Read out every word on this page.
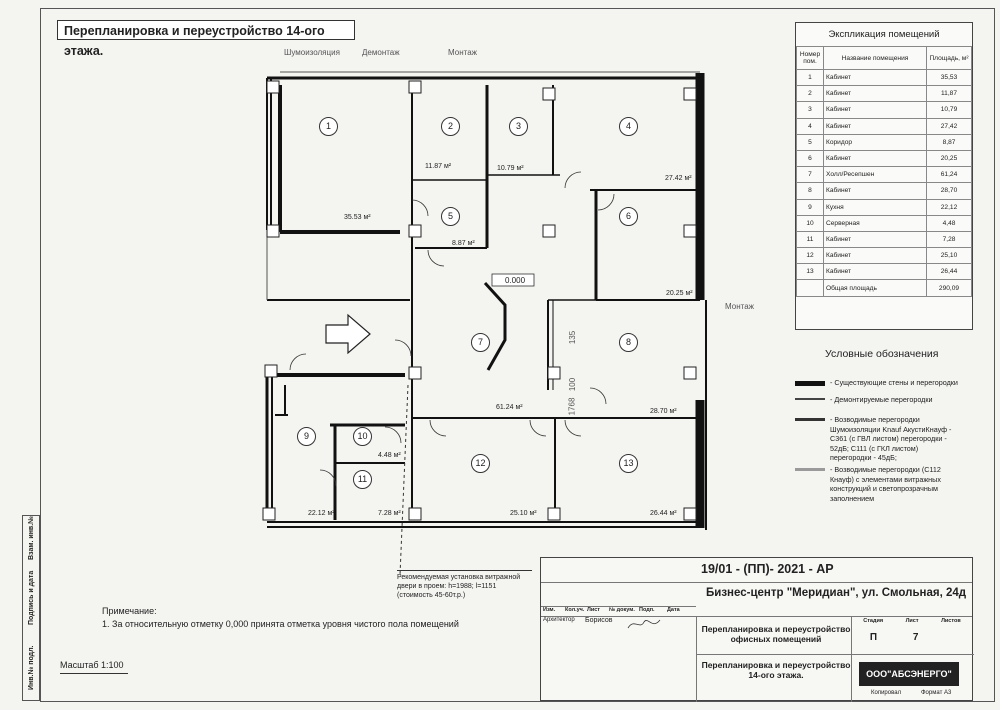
Перепланировка и переустройство 14-ого этажа.	Шумоизоляция	Демонтаж	Монтаж
Монтаж
0.000
1
35.53 м²
2
11.87 м²
3
10.79 м²
4
27.42 м²
5
8.87 м²
6
20.25 м²
7
61.24 м²
8
28.70 м²
9
22.12 м²
10
4.48 м²
11
7.28 м²
12
25.10 м²
13
26.44 м²
135
100
1768
Рекомендуемая установка витражной двери в проем: h=1988; l=1151 (стоимость 45-60т.р.)
Примечание:
1. За относительную отметку 0,000 принята отметка уровня чистого пола помещений
Масштаб 1:100
Взам. инв.№
Подпись и дата
Инв.№ подл.
Экспликация помещений
Номер пом.	Название помещения	Площадь, м²
1	Кабинет	35,53
2	Кабинет	11,87
3	Кабинет	10,79
4	Кабинет	27,42
5	Коридор	8,87
6	Кабинет	20,25
7	Холл/Ресепшен	61,24
8	Кабинет	28,70
9	Кухня	22,12
10	Серверная	4,48
11	Кабинет	7,28
12	Кабинет	25,10
13	Кабинет	26,44
	Общая площадь	290,09
Условные обозначения
- Существующие стены и перегородки
- Демонтируемые перегородки
- Возводимые перегородки Шумоизоляции Knauf АкустиКнауф - С361 (с ГВЛ листом) перегородки - 52дБ; С111 (с ГКЛ листом) перегородки - 45дБ;
- Возводимые перегородки (С112 Кнауф) с элементами витражных конструкций и светопрозрачным заполнением
19/01 - (ПП)- 2021 - АР
Бизнес-центр "Меридиан", ул. Смольная, 24д
Изм.	Кол.уч. Лист	№ докум. Подп.	Дата
Архитектор Борисов
Перепланировка и переустройство офисных помещений
Перепланировка и переустройство 14-ого этажа.
Стадия	Лист	Листов
П	7
ООО"АБСЭНЕРГО"
Формат А3
Копировал
